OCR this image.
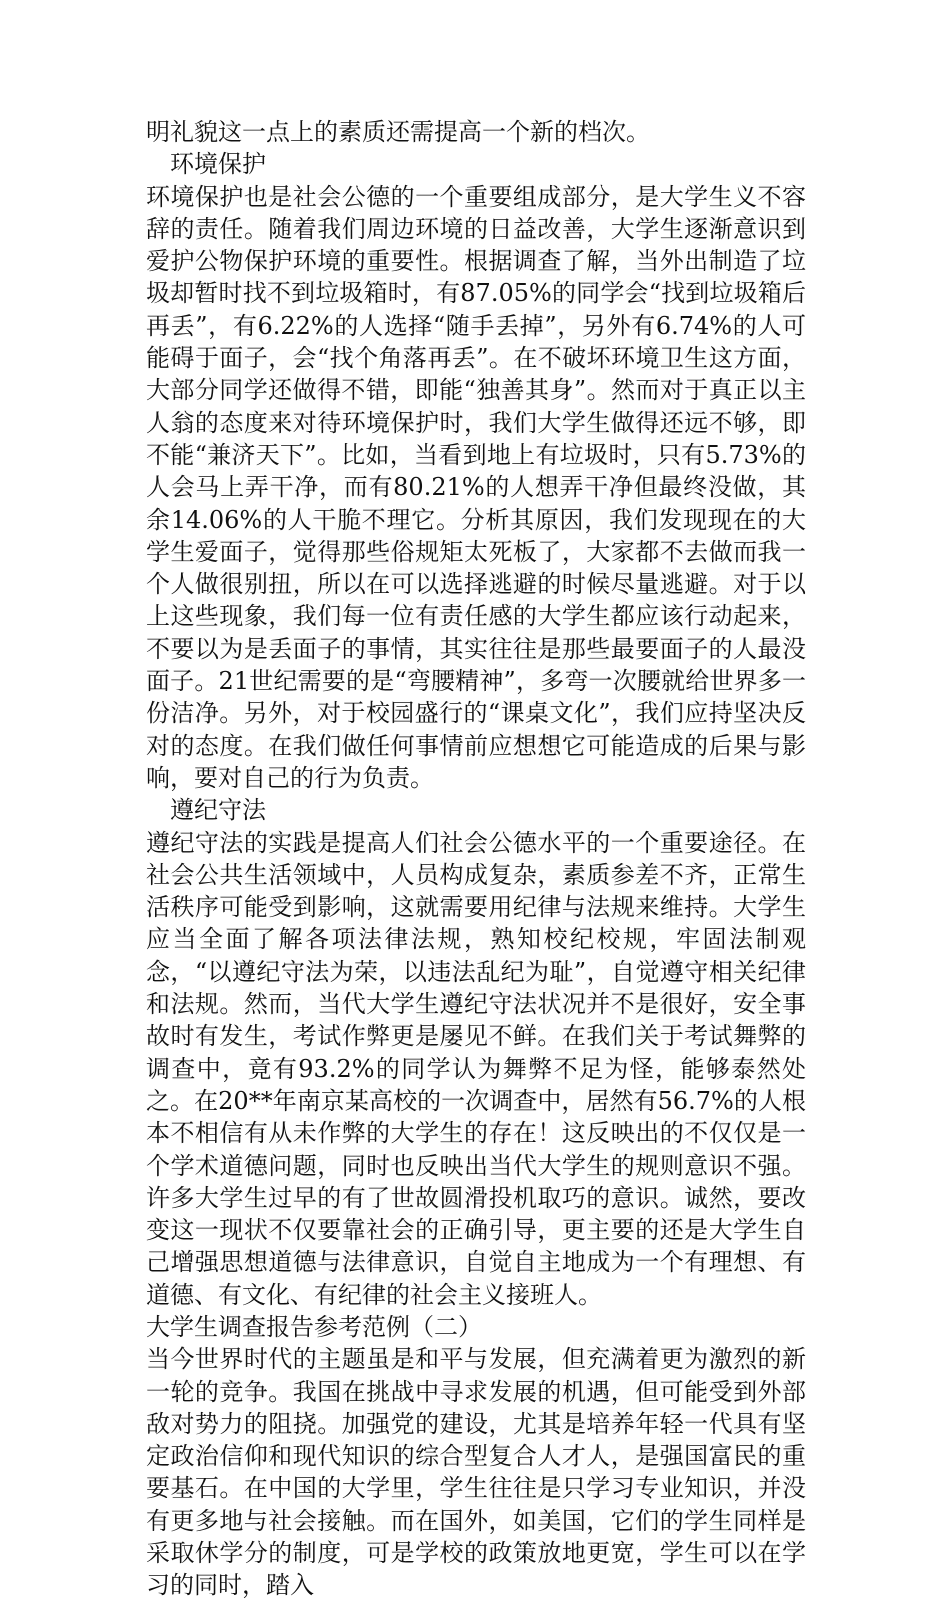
明礼貌这一点上的素质还需提高一个新的档次。

环境保护

环境保护也是社会公德的一个重要组成部分，是大学生义不容辞的责任。随着我们周边环境的日益改善，大学生逐渐意识到爱护公物保护环境的重要性。根据调查了解，当外出制造了垃圾却暂时找不到垃圾箱时，有87.05%的同学会“找到垃圾箱后再丢”，有6.22%的人选择“随手丢掉”，另外有6.74%的人可能碍于面子，会“找个角落再丢”。在不破坏环境卫生这方面，大部分同学还做得不错，即能“独善其身”。然而对于真正以主人翁的态度来对待环境保护时，我们大学生做得还远不够，即不能“兼济天下”。比如，当看到地上有垃圾时，只有5.73%的人会马上弄干净，而有80.21%的人想弄干净但最终没做，其余14.06%的人干脆不理它。分析其原因，我们发现现在的大学生爱面子，觉得那些俗规矩太死板了，大家都不去做而我一个人做很别扭，所以在可以选择逃避的时候尽量逃避。对于以上这些现象，我们每一位有责任感的大学生都应该行动起来，不要以为是丢面子的事情，其实往往是那些最要面子的人最没面子。21世纪需要的是“弯腰精神”，多弯一次腰就给世界多一份洁净。另外，对于校园盛行的“课桌文化”，我们应持坚决反对的态度。在我们做任何事情前应想想它可能造成的后果与影响，要对自己的行为负责。

遵纪守法

遵纪守法的实践是提高人们社会公德水平的一个重要途径。在社会公共生活领域中，人员构成复杂，素质参差不齐，正常生活秩序可能受到影响，这就需要用纪律与法规来维持。大学生应当全面了解各项法律法规，熟知校纪校规，牢固法制观念，“以遵纪守法为荣，以违法乱纪为耻”，自觉遵守相关纪律和法规。然而，当代大学生遵纪守法状况并不是很好，安全事故时有发生，考试作弊更是屡见不鲜。在我们关于考试舞弊的调查中，竟有93.2%的同学认为舞弊不足为怪，能够泰然处之。在20**年南京某高校的一次调查中，居然有56.7%的人根本不相信有从未作弊的大学生的存在！这反映出的不仅仅是一个学术道德问题，同时也反映出当代大学生的规则意识不强。许多大学生过早的有了世故圆滑投机取巧的意识。诚然，要改变这一现状不仅要靠社会的正确引导，更主要的还是大学生自己增强思想道德与法律意识，自觉自主地成为一个有理想、有道德、有文化、有纪律的社会主义接班人。

大学生调查报告参考范例（二）

当今世界时代的主题虽是和平与发展，但充满着更为激烈的新一轮的竞争。我国在挑战中寻求发展的机遇，但可能受到外部敌对势力的阻挠。加强党的建设，尤其是培养年轻一代具有坚定政治信仰和现代知识的综合型复合人才人，是强国富民的重要基石。在中国的大学里，学生往往是只学习专业知识，并没有更多地与社会接触。而在国外，如美国，它们的学生同样是采取休学分的制度，可是学校的政策放地更宽，学生可以在学习的同时，踏入
